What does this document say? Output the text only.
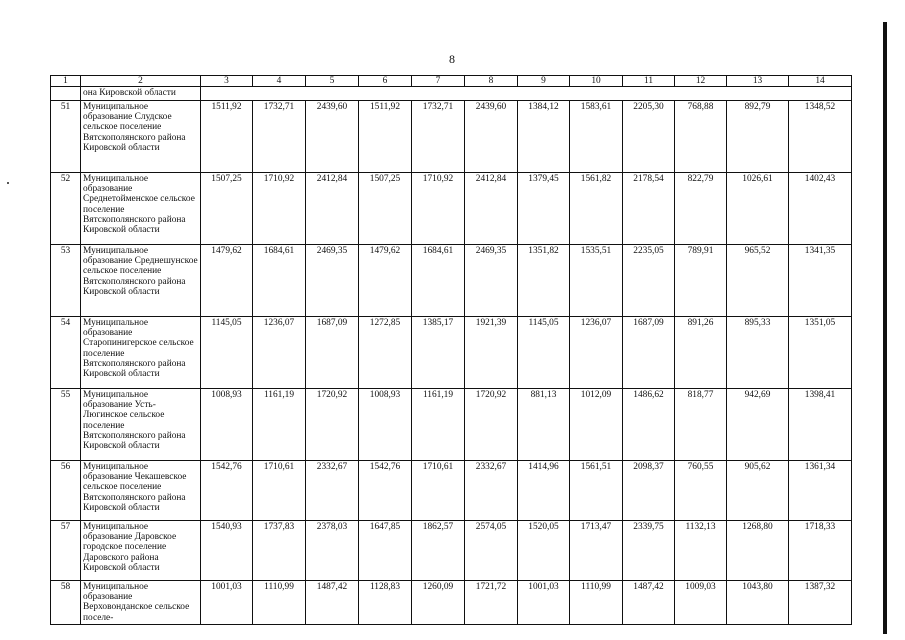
8
1	2	3	4	5	6	7	8	9	10	11	12	13	14
	она Кировской области												
51	Муниципальное образование Слудское сельское поселение Вятскополянского района Кировской области	1511,92	1732,71	2439,60	1511,92	1732,71	2439,60	1384,12	1583,61	2205,30	768,88	892,79	1348,52
52	Муниципальное образование Среднетойменское сельское поселение Вятскополянского района Кировской области	1507,25	1710,92	2412,84	1507,25	1710,92	2412,84	1379,45	1561,82	2178,54	822,79	1026,61	1402,43
53	Муниципальное образование Среднешунское сельское поселение Вятскополянского района Кировской области	1479,62	1684,61	2469,35	1479,62	1684,61	2469,35	1351,82	1535,51	2235,05	789,91	965,52	1341,35
54	Муниципальное образование Старопинигерское сельское поселение Вятскополянского района Кировской области	1145,05	1236,07	1687,09	1272,85	1385,17	1921,39	1145,05	1236,07	1687,09	891,26	895,33	1351,05
55	Муниципальное образование Усть-Люгинское сельское поселение Вятскополянского района Кировской области	1008,93	1161,19	1720,92	1008,93	1161,19	1720,92	881,13	1012,09	1486,62	818,77	942,69	1398,41
56	Муниципальное образование Чекашевское сельское поселение Вятскополянского района Кировской области	1542,76	1710,61	2332,67	1542,76	1710,61	2332,67	1414,96	1561,51	2098,37	760,55	905,62	1361,34
57	Муниципальное образование Даровское городское поселение Даровского района Кировской области	1540,93	1737,83	2378,03	1647,85	1862,57	2574,05	1520,05	1713,47	2339,75	1132,13	1268,80	1718,33
58	Муниципальное образование Верховонданское сельское поселе-	1001,03	1110,99	1487,42	1128,83	1260,09	1721,72	1001,03	1110,99	1487,42	1009,03	1043,80	1387,32
